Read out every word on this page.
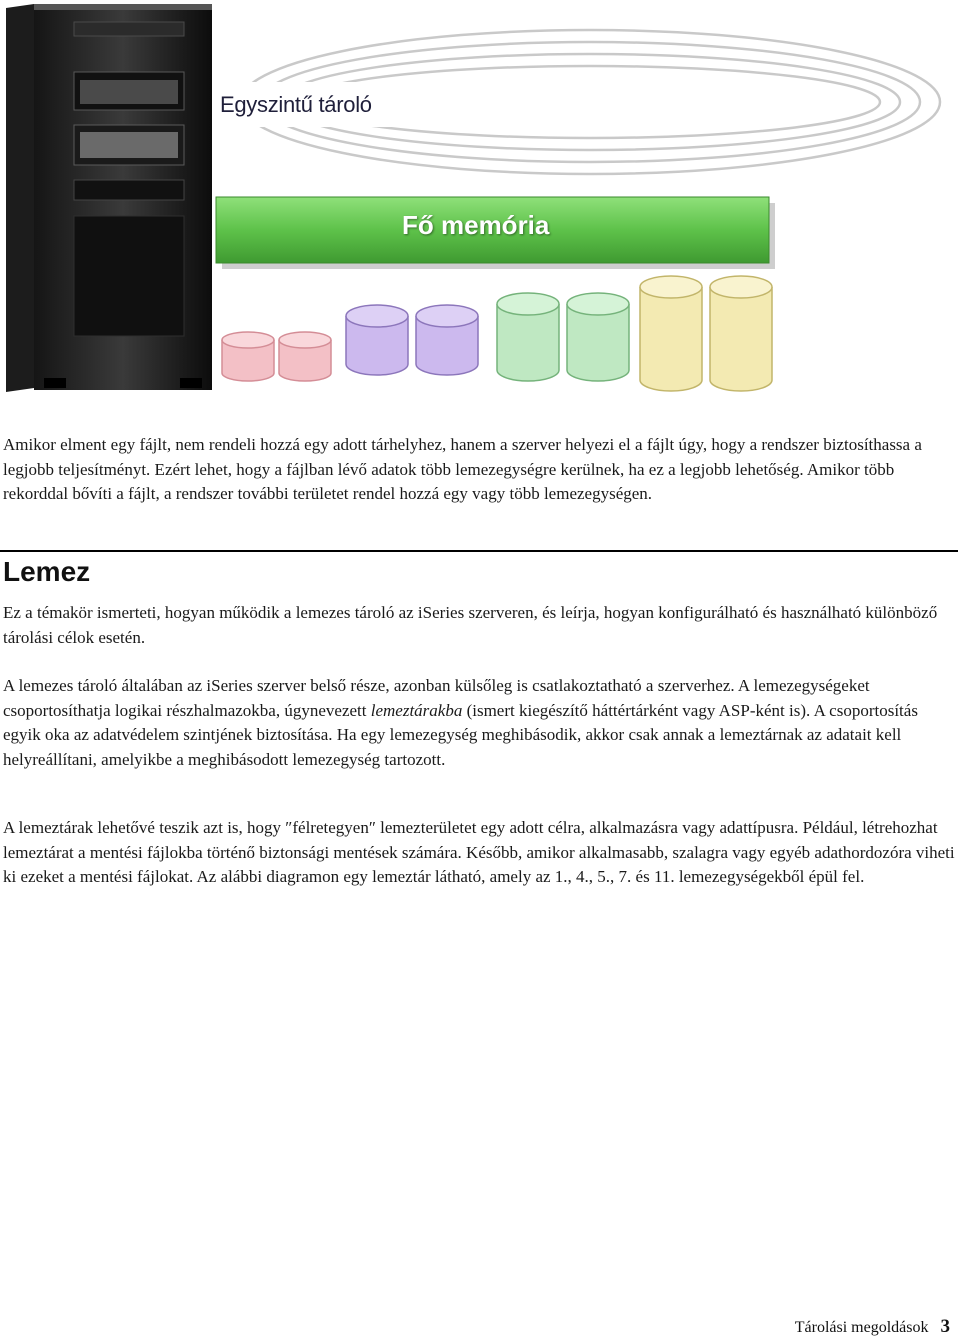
Egyszintű tároló
Fő memória

Amikor elment egy fájlt, nem rendeli hozzá egy adott tárhelyhez, hanem a szerver helyezi el a fájlt úgy, hogy a rendszer biztosíthassa a legjobb teljesítményt. Ezért lehet, hogy a fájlban lévő adatok több lemezegységre kerülnek, ha ez a legjobb lehetőség. Amikor több rekorddal bővíti a fájlt, a rendszer további területet rendel hozzá egy vagy több lemezegységen.

Lemez

Ez a témakör ismerteti, hogyan működik a lemezes tároló az iSeries szerveren, és leírja, hogyan konfigurálható és használható különböző tárolási célok esetén.

A lemezes tároló általában az iSeries szerver belső része, azonban külsőleg is csatlakoztatható a szerverhez. A lemezegységeket csoportosíthatja logikai részhalmazokba, úgynevezett lemeztárakba (ismert kiegészítő háttértárként vagy ASP-ként is). A csoportosítás egyik oka az adatvédelem szintjének biztosítása. Ha egy lemezegység meghibásodik, akkor csak annak a lemeztárnak az adatait kell helyreállítani, amelyikbe a meghibásodott lemezegység tartozott.

A lemeztárak lehetővé teszik azt is, hogy ″félretegyen″ lemezterületet egy adott célra, alkalmazásra vagy adattípusra. Például, létrehozhat lemeztárat a mentési fájlokba történő biztonsági mentések számára. Később, amikor alkalmasabb, szalagra vagy egyéb adathordozóra viheti ki ezeket a mentési fájlokat. Az alábbi diagramon egy lemeztár látható, amely az 1., 4., 5., 7. és 11. lemezegységekből épül fel.

Tárolási megoldások 3
